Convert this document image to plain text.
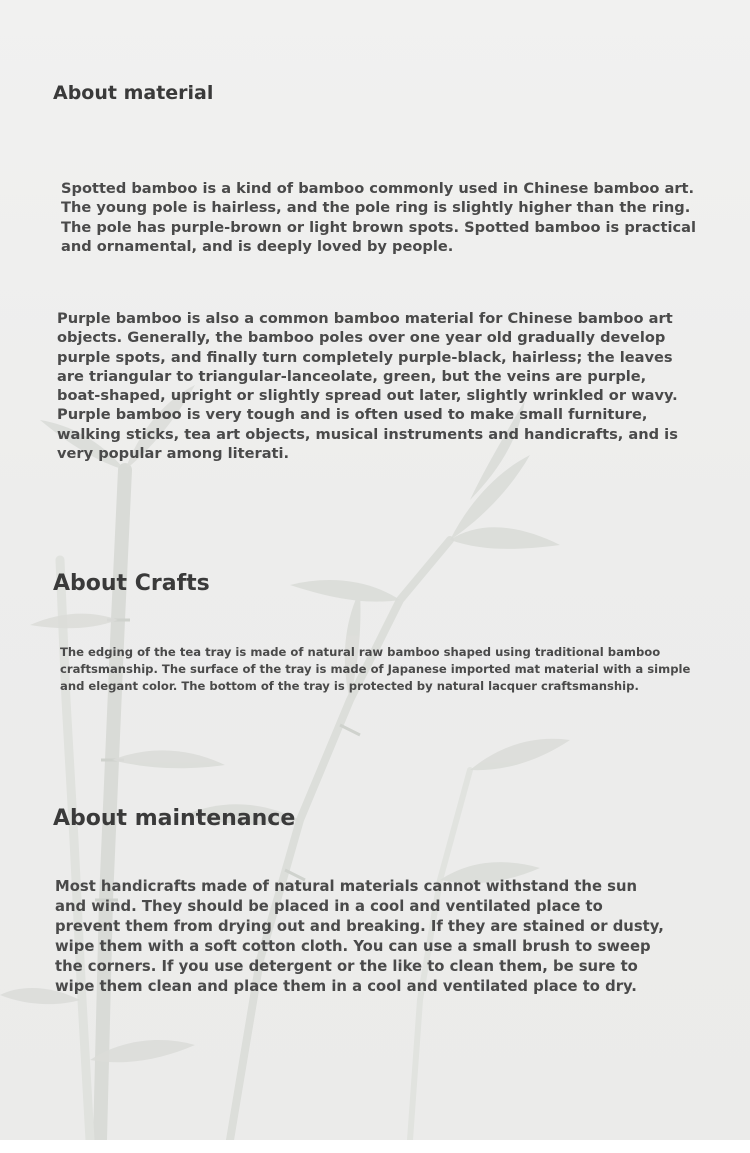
About material

Spotted bamboo is a kind of bamboo commonly used in Chinese bamboo art.
The young pole is hairless, and the pole ring is slightly higher than the ring.
The pole has purple-brown or light brown spots. Spotted bamboo is practical
and ornamental, and is deeply loved by people.

Purple bamboo is also a common bamboo material for Chinese bamboo art
objects. Generally, the bamboo poles over one year old gradually develop
purple spots, and finally turn completely purple-black, hairless; the leaves
are triangular to triangular-lanceolate, green, but the veins are purple,
boat-shaped, upright or slightly spread out later, slightly wrinkled or wavy.
Purple bamboo is very tough and is often used to make small furniture,
walking sticks, tea art objects, musical instruments and handicrafts, and is
very popular among literati.

About Crafts

The edging of the tea tray is made of natural raw bamboo shaped using traditional bamboo
craftsmanship. The surface of the tray is made of Japanese imported mat material with a simple
and elegant color. The bottom of the tray is protected by natural lacquer craftsmanship.

About maintenance

Most handicrafts made of natural materials cannot withstand the sun
and wind. They should be placed in a cool and ventilated place to
prevent them from drying out and breaking. If they are stained or dusty,
wipe them with a soft cotton cloth. You can use a small brush to sweep
the corners. If you use detergent or the like to clean them, be sure to
wipe them clean and place them in a cool and ventilated place to dry.
